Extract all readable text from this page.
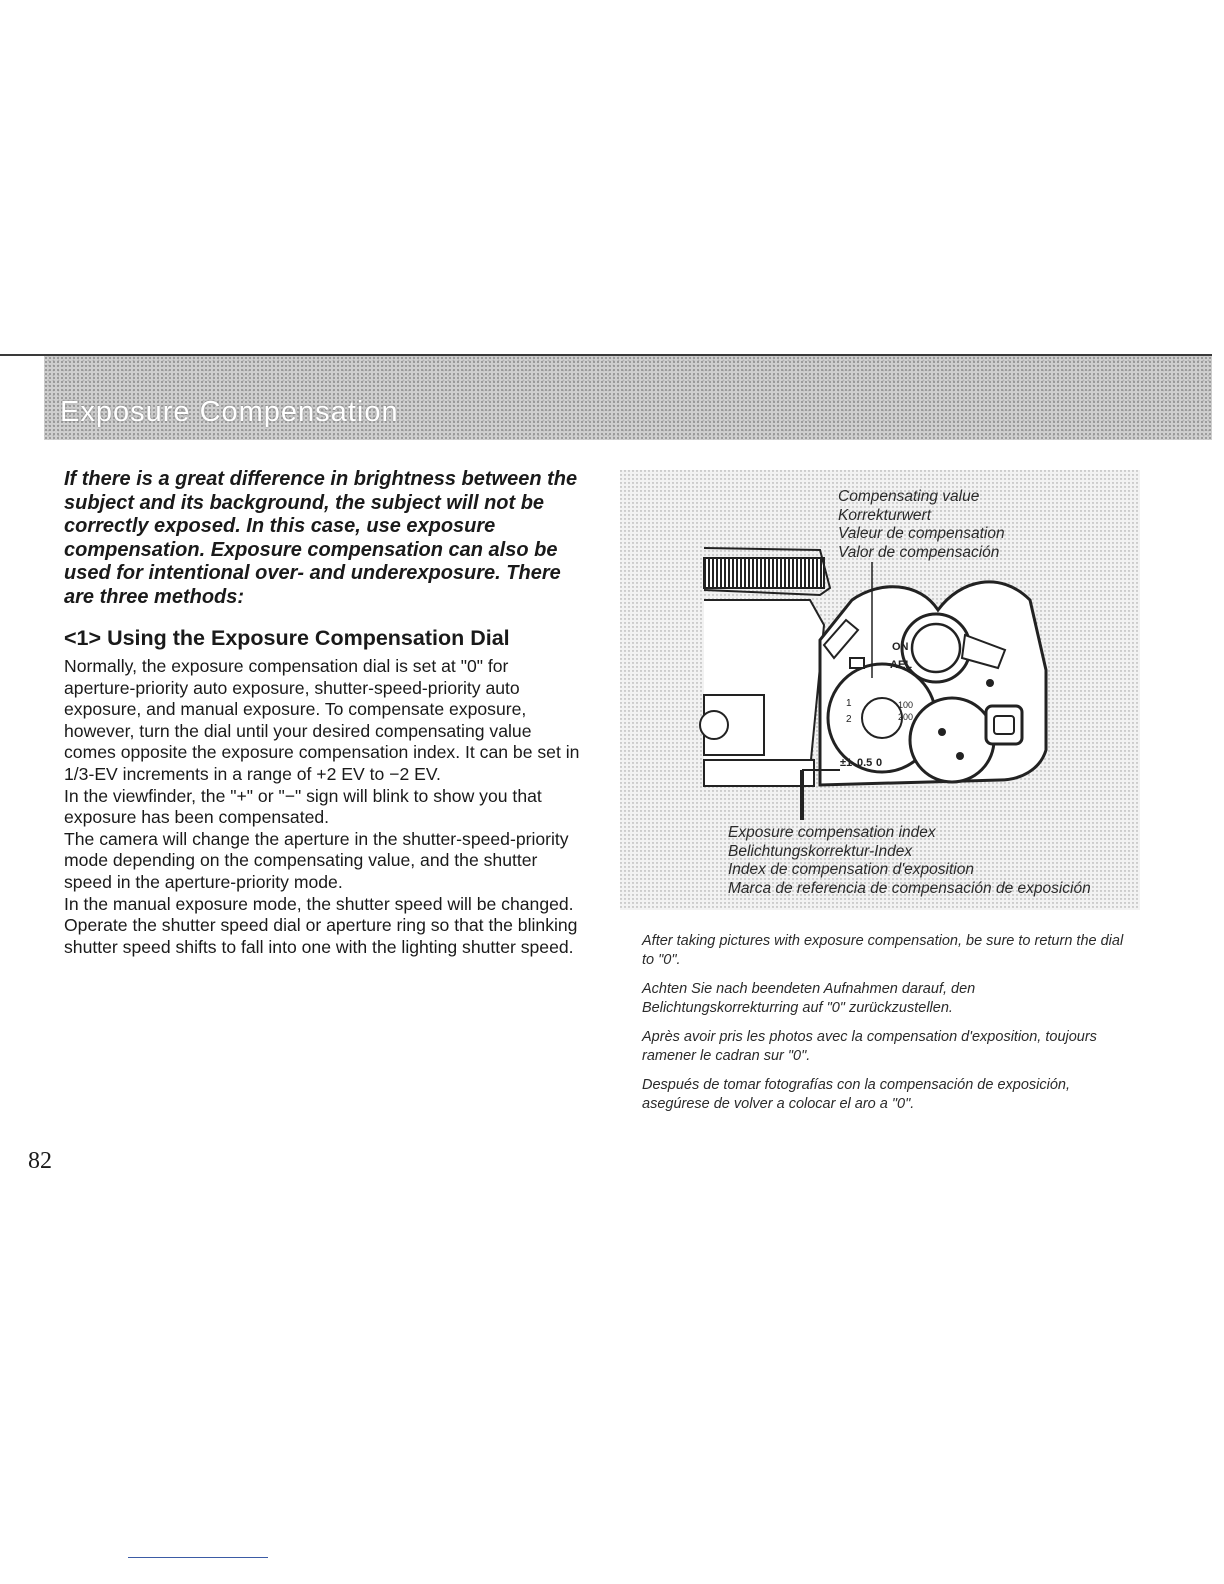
Exposure Compensation
If there is a great difference in brightness between the subject and its background, the subject will not be correctly exposed. In this case, use exposure compensation. Exposure compensation can also be used for intentional over- and underexposure. There are three methods:
<1> Using the Exposure Compensation Dial

Normally, the exposure compensation dial is set at "0" for aperture-priority auto exposure, shutter-speed-priority auto exposure, and manual exposure. To compensate exposure, however, turn the dial until your desired compensating value comes opposite the exposure compensation index. It can be set in 1/3-EV increments in a range of +2 EV to −2 EV.

In the viewfinder, the "+" or "−" sign will blink to show you that exposure has been compensated.

The camera will change the aperture in the shutter-speed-priority mode depending on the compensating value, and the shutter speed in the aperture-priority mode.

In the manual exposure mode, the shutter speed will be changed. Operate the shutter speed dial or aperture ring so that the blinking shutter speed shifts to fall into one with the lighting shutter speed.

ON
AEL
100
200
±1 0.5 0
1
2
Compensating value
Korrekturwert
Valeur de compensation
Valor de compensación
Exposure compensation index
Belichtungskorrektur-Index
Index de compensation d'exposition
Marca de referencia de compensación de exposición

After taking pictures with exposure compensation, be sure to return the dial to "0".

Achten Sie nach beendeten Aufnahmen darauf, den Belichtungskorrekturring auf "0" zurückzustellen.

Après avoir pris les photos avec la compensation d'exposition, toujours ramener le cadran sur "0".

Después de tomar fotografías con la compensación de exposición, asegúrese de volver a colocar el aro a "0".

82
